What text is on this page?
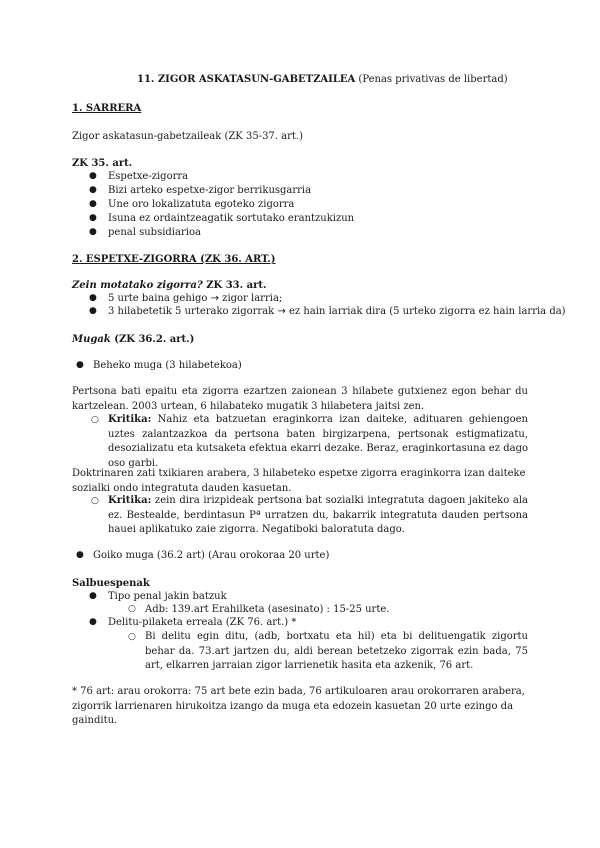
11. ZIGOR ASKATASUN-GABETZAILEA (Penas privativas de libertad)
1. SARRERA
Zigor askatasun-gabetzaileak (ZK 35-37. art.)
ZK 35. art.
● Espetxe-zigorra
● Bizi arteko espetxe-zigor berrikusgarria
● Une oro lokalizatuta egoteko zigorra
● Isuna ez ordaintzeagatik sortutako erantzukizun
● penal subsidiarioa
2. ESPETXE-ZIGORRA (ZK 36. ART.)
Zein motatako zigorra? ZK 33. art.
● 5 urte baina gehigo → zigor larria;
● 3 hilabetetik 5 urterako zigorrak → ez hain larriak dira (5 urteko zigorra ez hain larria da)
Mugak (ZK 36.2. art.)
● Beheko muga (3 hilabetekoa)
Pertsona bati epaitu eta zigorra ezartzen zaionean 3 hilabete gutxienez egon behar du kartzelean. 2003 urtean, 6 hilabateko mugatik 3 hilabetera jaitsi zen.
○ Kritika: Nahiz eta batzuetan eraginkorra izan daiteke, adituaren gehiengoen uztes zalantzazkoa da pertsona baten birgizarpena, pertsonak estigmatizatu, desozializatu eta kutsaketa efektua ekarri dezake. Beraz, eraginkortasuna ez dago oso garbi.
Doktrinaren zati txikiaren arabera, 3 hilabeteko espetxe zigorra eraginkorra izan daiteke sozialki ondo integratuta dauden kasuetan.
○ Kritika: zein dira irizpideak pertsona bat sozialki integratuta dagoen jakiteko ala ez. Bestealde, berdintasun Pª urratzen du, bakarrik integratuta dauden pertsona hauei aplikatuko zaie zigorra. Negatiboki baloratuta dago.
● Goiko muga (36.2 art) (Arau orokoraa 20 urte)
Salbuespenak
● Tipo penal jakin batzuk
○ Adb: 139.art Erahilketa (asesinato) : 15-25 urte.
● Delitu-pilaketa erreala (ZK 76. art.) *
○ Bi delitu egin ditu, (adb, bortxatu eta hil) eta bi delituengatik zigortu behar da. 73.art jartzen du, aldi berean betetzeko zigorrak ezin bada, 75 art, elkarren jarraian zigor larrienetik hasita eta azkenik, 76 art.
* 76 art: arau orokorra: 75 art bete ezin bada, 76 artikuloaren arau orokorraren arabera, zigorrik larrienaren hirukoitza izango da muga eta edozein kasuetan 20 urte ezingo da gainditu.
